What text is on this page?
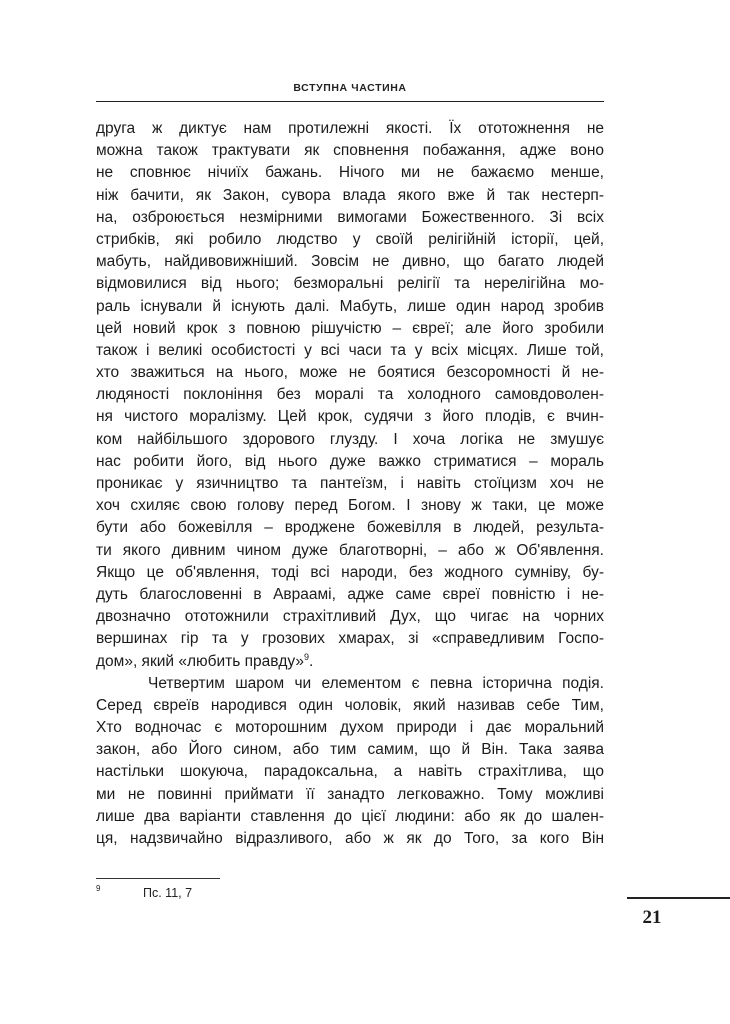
ВСТУПНА ЧАСТИНА
друга ж диктує нам протилежні якості. Їх ототожнення не
можна також трактувати як сповнення побажання, адже воно
не сповнює нічиїх бажань. Нічого ми не бажаємо менше,
ніж бачити, як Закон, сувора влада якого вже й так нестерп-
на, озброюється незмірними вимогами Божественного. Зі всіх
стрибків, які робило людство у своїй релігійній історії, цей,
мабуть, найдивовижніший. Зовсім не дивно, що багато людей
відмовилися від нього; безморальні релігії та нерелігійна мо-
раль існували й існують далі. Мабуть, лише один народ зробив
цей новий крок з повною рішучістю – євреї; але його зробили
також і великі особистості у всі часи та у всіх місцях. Лише той,
хто зважиться на нього, може не боятися безсоромності й не-
людяності поклоніння без моралі та холодного самовдоволен-
ня чистого моралізму. Цей крок, судячи з його плодів, є вчин-
ком найбільшого здорового глузду. І хоча логіка не змушує
нас робити його, від нього дуже важко стриматися – мораль
проникає у язичництво та пантеїзм, і навіть стоїцизм хоч не
хоч схиляє свою голову перед Богом. І знову ж таки, це може
бути або божевілля – вроджене божевілля в людей, результа-
ти якого дивним чином дуже благотворні, – або ж Об'явлення.
Якщо це об'явлення, тоді всі народи, без жодного сумніву, бу-
дуть благословенні в Авраамі, адже саме євреї повністю і не-
двозначно ототожнили страхітливий Дух, що чигає на чорних
вершинах гір та у грозових хмарах, зі «справедливим Госпо-
дом», який «любить правду»$^9$.
Четвертим шаром чи елементом є певна історична подія.
Серед євреїв народився один чоловік, який називав себе Тим,
Хто водночас є моторошним духом природи і дає моральний
закон, або Його сином, або тим самим, що й Він. Така заява
настільки шокуюча, парадоксальна, а навіть страхітлива, що
ми не повинні приймати її занадто легковажно. Тому можливі
лише два варіанти ставлення до цієї людини: або як до шален-
ця, надзвичайно відразливого, або ж як до Того, за кого Він
9	Пс. 11, 7
21
